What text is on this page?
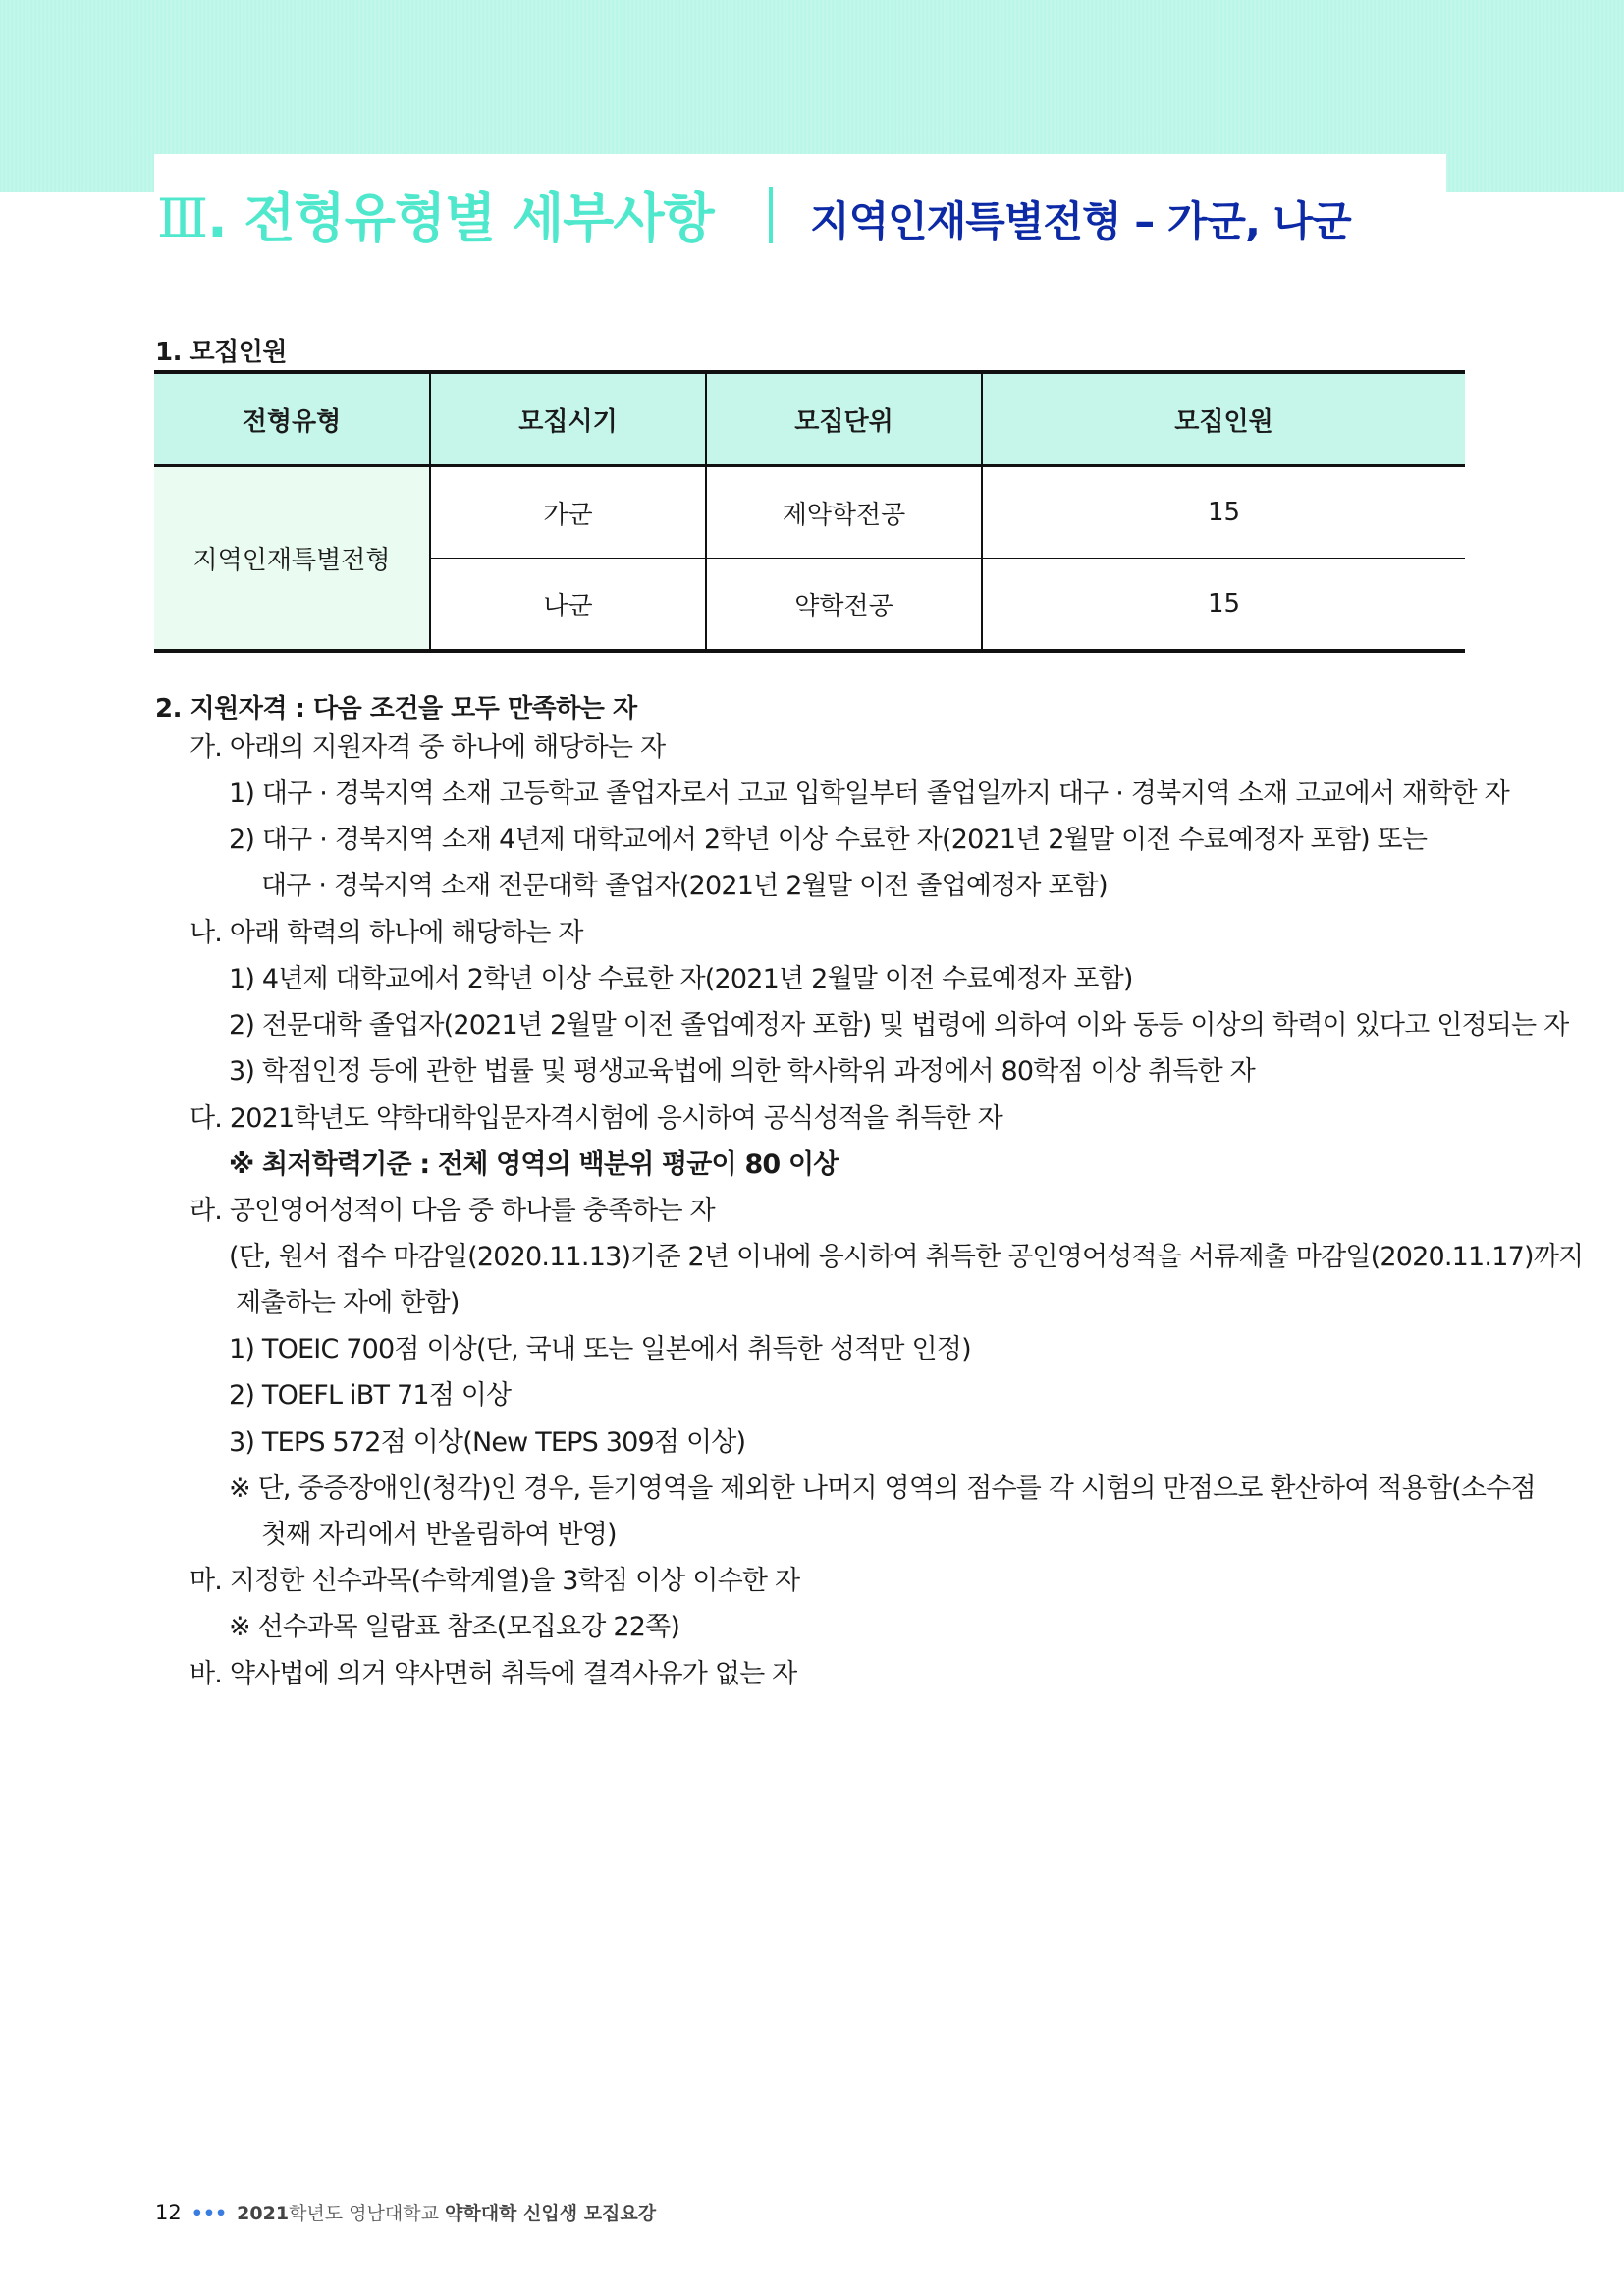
Ⅲ. 전형유형별 세부사항 지역인재특별전형 – 가군, 나군
1. 모집인원
전형유형	모집시기	모집단위	모집인원
지역인재특별전형	가군	제약학전공	15
	나군	약학전공	15
2. 지원자격 : 다음 조건을 모두 만족하는 자
가. 아래의 지원자격 중 하나에 해당하는 자
1) 대구 · 경북지역 소재 고등학교 졸업자로서 고교 입학일부터 졸업일까지 대구 · 경북지역 소재 고교에서 재학한 자
2) 대구 · 경북지역 소재 4년제 대학교에서 2학년 이상 수료한 자(2021년 2월말 이전 수료예정자 포함) 또는
대구 · 경북지역 소재 전문대학 졸업자(2021년 2월말 이전 졸업예정자 포함)
나. 아래 학력의 하나에 해당하는 자
1) 4년제 대학교에서 2학년 이상 수료한 자(2021년 2월말 이전 수료예정자 포함)
2) 전문대학 졸업자(2021년 2월말 이전 졸업예정자 포함) 및 법령에 의하여 이와 동등 이상의 학력이 있다고 인정되는 자
3) 학점인정 등에 관한 법률 및 평생교육법에 의한 학사학위 과정에서 80학점 이상 취득한 자
다. 2021학년도 약학대학입문자격시험에 응시하여 공식성적을 취득한 자
※ 최저학력기준 : 전체 영역의 백분위 평균이 80 이상
라. 공인영어성적이 다음 중 하나를 충족하는 자
(단, 원서 접수 마감일(2020.11.13)기준 2년 이내에 응시하여 취득한 공인영어성적을 서류제출 마감일(2020.11.17)까지
제출하는 자에 한함)
1) TOEIC 700점 이상(단, 국내 또는 일본에서 취득한 성적만 인정)
2) TOEFL iBT 71점 이상
3) TEPS 572점 이상(New TEPS 309점 이상)
※ 단, 중증장애인(청각)인 경우, 듣기영역을 제외한 나머지 영역의 점수를 각 시험의 만점으로 환산하여 적용함(소수점
첫째 자리에서 반올림하여 반영)
마. 지정한 선수과목(수학계열)을 3학점 이상 이수한 자
※ 선수과목 일람표 참조(모집요강 22쪽)
바. 약사법에 의거 약사면허 취득에 결격사유가 없는 자
12 ••• 2021학년도 영남대학교 약학대학 신입생 모집요강
